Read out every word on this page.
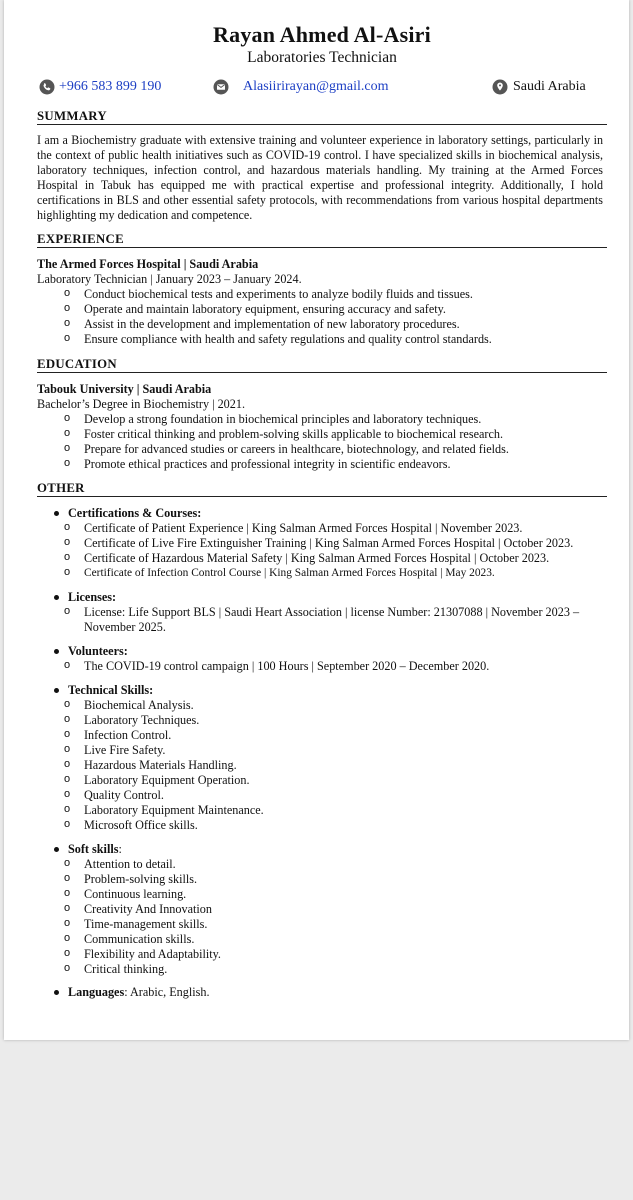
Rayan Ahmed Al-Asiri
Laboratories Technician
+966 583 899 190	Alasiirirayan@gmail.com	Saudi Arabia
SUMMARY
I am a Biochemistry graduate with extensive training and volunteer experience in laboratory settings, particularly in the context of public health initiatives such as COVID-19 control. I have specialized skills in biochemical analysis, laboratory techniques, infection control, and hazardous materials handling. My training at the Armed Forces Hospital in Tabuk has equipped me with practical expertise and professional integrity. Additionally, I hold certifications in BLS and other essential safety protocols, with recommendations from various hospital departments highlighting my dedication and competence.
EXPERIENCE
The Armed Forces Hospital | Saudi Arabia
Laboratory Technician | January 2023 – January 2024.
o Conduct biochemical tests and experiments to analyze bodily fluids and tissues.
o Operate and maintain laboratory equipment, ensuring accuracy and safety.
o Assist in the development and implementation of new laboratory procedures.
o Ensure compliance with health and safety regulations and quality control standards.
EDUCATION
Tabouk University | Saudi Arabia
Bachelor’s Degree in Biochemistry | 2021.
o Develop a strong foundation in biochemical principles and laboratory techniques.
o Foster critical thinking and problem-solving skills applicable to biochemical research.
o Prepare for advanced studies or careers in healthcare, biotechnology, and related fields.
o Promote ethical practices and professional integrity in scientific endeavors.
OTHER
Certifications & Courses:
o Certificate of Patient Experience | King Salman Armed Forces Hospital | November 2023.
o Certificate of Live Fire Extinguisher Training | King Salman Armed Forces Hospital | October 2023.
o Certificate of Hazardous Material Safety | King Salman Armed Forces Hospital | October 2023.
o Certificate of Infection Control Course | King Salman Armed Forces Hospital | May 2023.
Licenses:
o License: Life Support BLS | Saudi Heart Association | license Number: 21307088 | November 2023 – November 2025.
Volunteers:
o The COVID-19 control campaign | 100 Hours | September 2020 – December 2020.
Technical Skills:
o Biochemical Analysis.
o Laboratory Techniques.
o Infection Control.
o Live Fire Safety.
o Hazardous Materials Handling.
o Laboratory Equipment Operation.
o Quality Control.
o Laboratory Equipment Maintenance.
o Microsoft Office skills.
Soft skills:
o Attention to detail.
o Problem-solving skills.
o Continuous learning.
o Creativity And Innovation
o Time-management skills.
o Communication skills.
o Flexibility and Adaptability.
o Critical thinking.
Languages: Arabic, English.
